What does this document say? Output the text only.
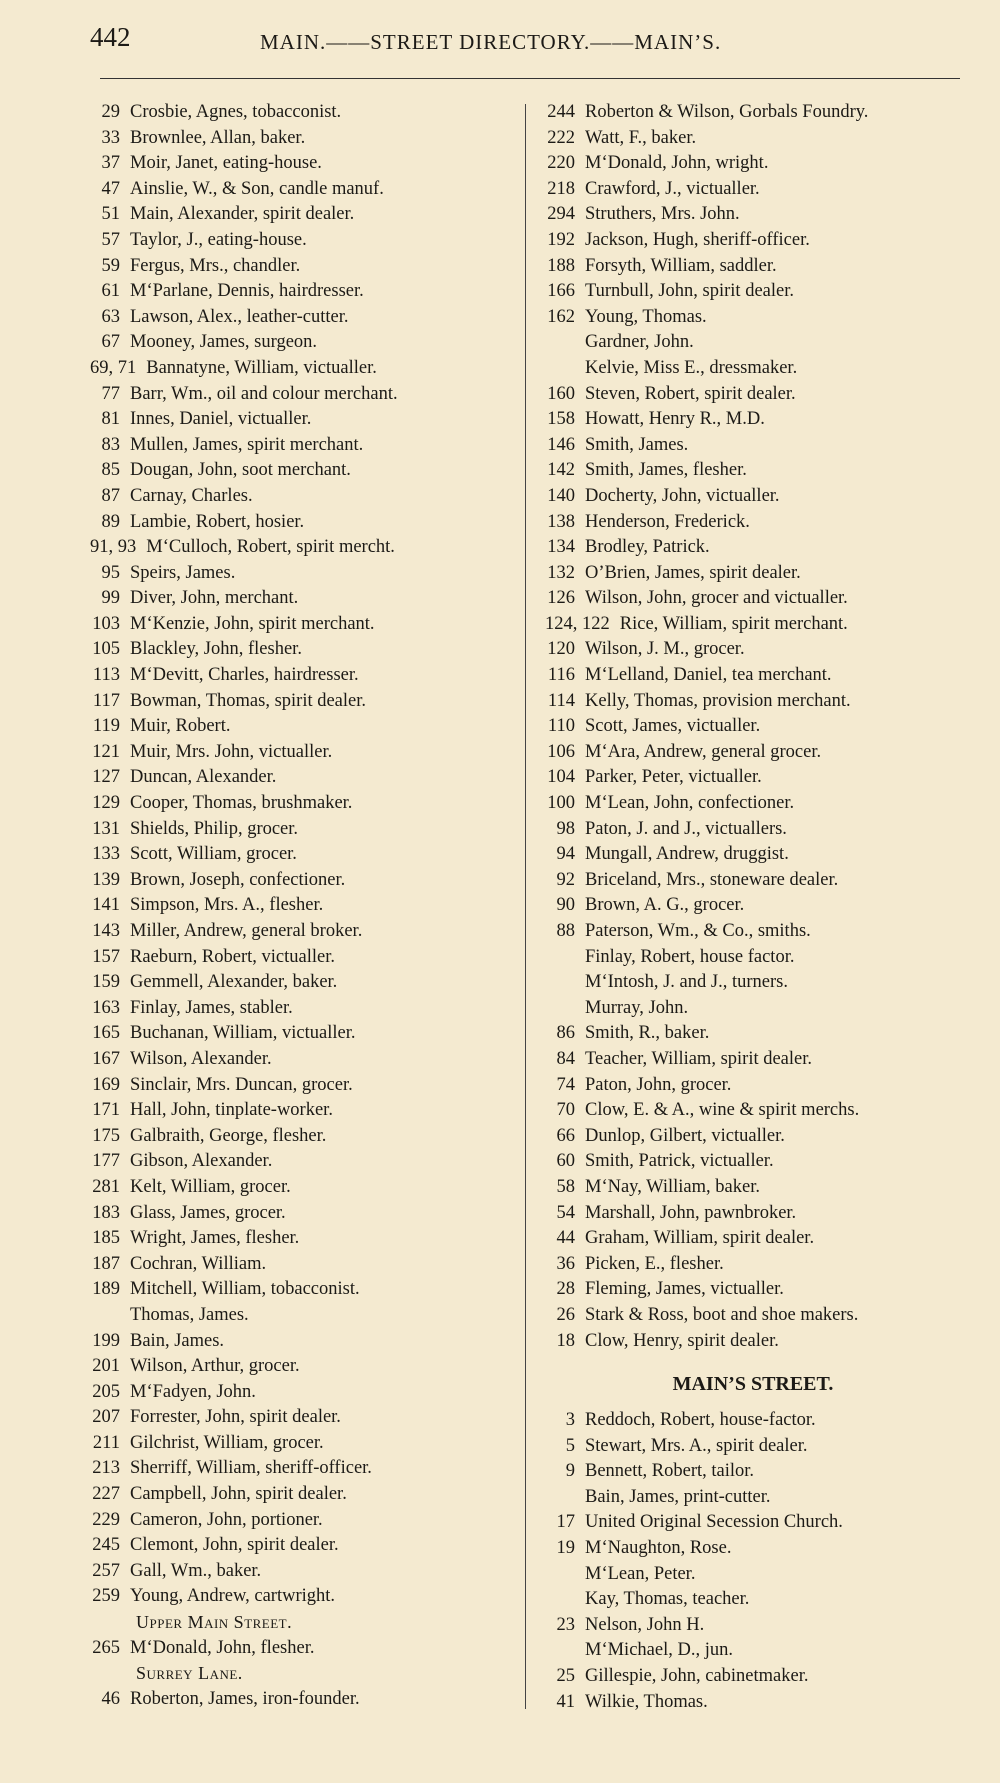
442	MAIN.——STREET DIRECTORY.——MAIN’S.
29 Crosbie, Agnes, tobacconist.
33 Brownlee, Allan, baker.
37 Moir, Janet, eating-house.
47 Ainslie, W., & Son, candle manuf.
51 Main, Alexander, spirit dealer.
57 Taylor, J., eating-house.
59 Fergus, Mrs., chandler.
61 M‘Parlane, Dennis, hairdresser.
63 Lawson, Alex., leather-cutter.
67 Mooney, James, surgeon.
69, 71 Bannatyne, William, victualler.
77 Barr, Wm., oil and colour merchant.
81 Innes, Daniel, victualler.
83 Mullen, James, spirit merchant.
85 Dougan, John, soot merchant.
87 Carnay, Charles.
89 Lambie, Robert, hosier.
91, 93 M‘Culloch, Robert, spirit mercht.
95 Speirs, James.
99 Diver, John, merchant.
103 M‘Kenzie, John, spirit merchant.
105 Blackley, John, flesher.
113 M‘Devitt, Charles, hairdresser.
117 Bowman, Thomas, spirit dealer.
119 Muir, Robert.
121 Muir, Mrs. John, victualler.
127 Duncan, Alexander.
129 Cooper, Thomas, brushmaker.
131 Shields, Philip, grocer.
133 Scott, William, grocer.
139 Brown, Joseph, confectioner.
141 Simpson, Mrs. A., flesher.
143 Miller, Andrew, general broker.
157 Raeburn, Robert, victualler.
159 Gemmell, Alexander, baker.
163 Finlay, James, stabler.
165 Buchanan, William, victualler.
167 Wilson, Alexander.
169 Sinclair, Mrs. Duncan, grocer.
171 Hall, John, tinplate-worker.
175 Galbraith, George, flesher.
177 Gibson, Alexander.
281 Kelt, William, grocer.
183 Glass, James, grocer.
185 Wright, James, flesher.
187 Cochran, William.
189 Mitchell, William, tobacconist.
Thomas, James.
199 Bain, James.
201 Wilson, Arthur, grocer.
205 M‘Fadyen, John.
207 Forrester, John, spirit dealer.
211 Gilchrist, William, grocer.
213 Sherriff, William, sheriff-officer.
227 Campbell, John, spirit dealer.
229 Cameron, John, portioner.
245 Clemont, John, spirit dealer.
257 Gall, Wm., baker.
259 Young, Andrew, cartwright.
Upper Main Street.
265 M‘Donald, John, flesher.
Surrey Lane.
46 Roberton, James, iron-founder.
244 Roberton & Wilson, Gorbals Foundry.
222 Watt, F., baker.
220 M‘Donald, John, wright.
218 Crawford, J., victualler.
294 Struthers, Mrs. John.
192 Jackson, Hugh, sheriff-officer.
188 Forsyth, William, saddler.
166 Turnbull, John, spirit dealer.
162 Young, Thomas.
Gardner, John.
Kelvie, Miss E., dressmaker.
160 Steven, Robert, spirit dealer.
158 Howatt, Henry R., M.D.
146 Smith, James.
142 Smith, James, flesher.
140 Docherty, John, victualler.
138 Henderson, Frederick.
134 Brodley, Patrick.
132 O’Brien, James, spirit dealer.
126 Wilson, John, grocer and victualler.
124, 122 Rice, William, spirit merchant.
120 Wilson, J. M., grocer.
116 M‘Lelland, Daniel, tea merchant.
114 Kelly, Thomas, provision merchant.
110 Scott, James, victualler.
106 M‘Ara, Andrew, general grocer.
104 Parker, Peter, victualler.
100 M‘Lean, John, confectioner.
98 Paton, J. and J., victuallers.
94 Mungall, Andrew, druggist.
92 Briceland, Mrs., stoneware dealer.
90 Brown, A. G., grocer.
88 Paterson, Wm., & Co., smiths.
Finlay, Robert, house factor.
M‘Intosh, J. and J., turners.
Murray, John.
86 Smith, R., baker.
84 Teacher, William, spirit dealer.
74 Paton, John, grocer.
70 Clow, E. & A., wine & spirit merchs.
66 Dunlop, Gilbert, victualler.
60 Smith, Patrick, victualler.
58 M‘Nay, William, baker.
54 Marshall, John, pawnbroker.
44 Graham, William, spirit dealer.
36 Picken, E., flesher.
28 Fleming, James, victualler.
26 Stark & Ross, boot and shoe makers.
18 Clow, Henry, spirit dealer.
MAIN’S STREET.
3 Reddoch, Robert, house-factor.
5 Stewart, Mrs. A., spirit dealer.
9 Bennett, Robert, tailor.
Bain, James, print-cutter.
17 United Original Secession Church.
19 M‘Naughton, Rose.
M‘Lean, Peter.
Kay, Thomas, teacher.
23 Nelson, John H.
M‘Michael, D., jun.
25 Gillespie, John, cabinetmaker.
41 Wilkie, Thomas.
